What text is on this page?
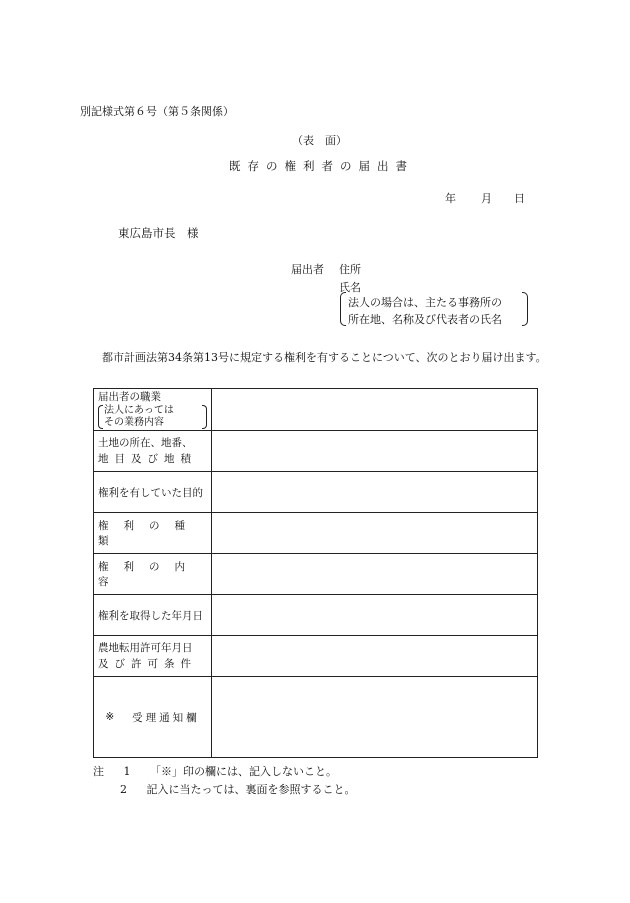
別記様式第６号（第５条関係）
（表　面）
既存の権利者の届出書
年 月 日
東広島市長　様
届出者 住所
氏名
法人の場合は、主たる事務所の
所在地、名称及び代表者の氏名
都市計画法第34条第13号に規定する権利を有することについて、次のとおり届け出ます。
届出者の職業
法人にあっては
その業務内容	

土地の所在、地番、
地目及び地積	

権利を有していた目的	

権利の種類	

権利の内容	

権利を取得した年月日	

農地転用許可年月日
及び許可条件	

※ 受理通知欄	

注 1 「※」印の欄には、記入しないこと。
2 記入に当たっては、裏面を参照すること。
